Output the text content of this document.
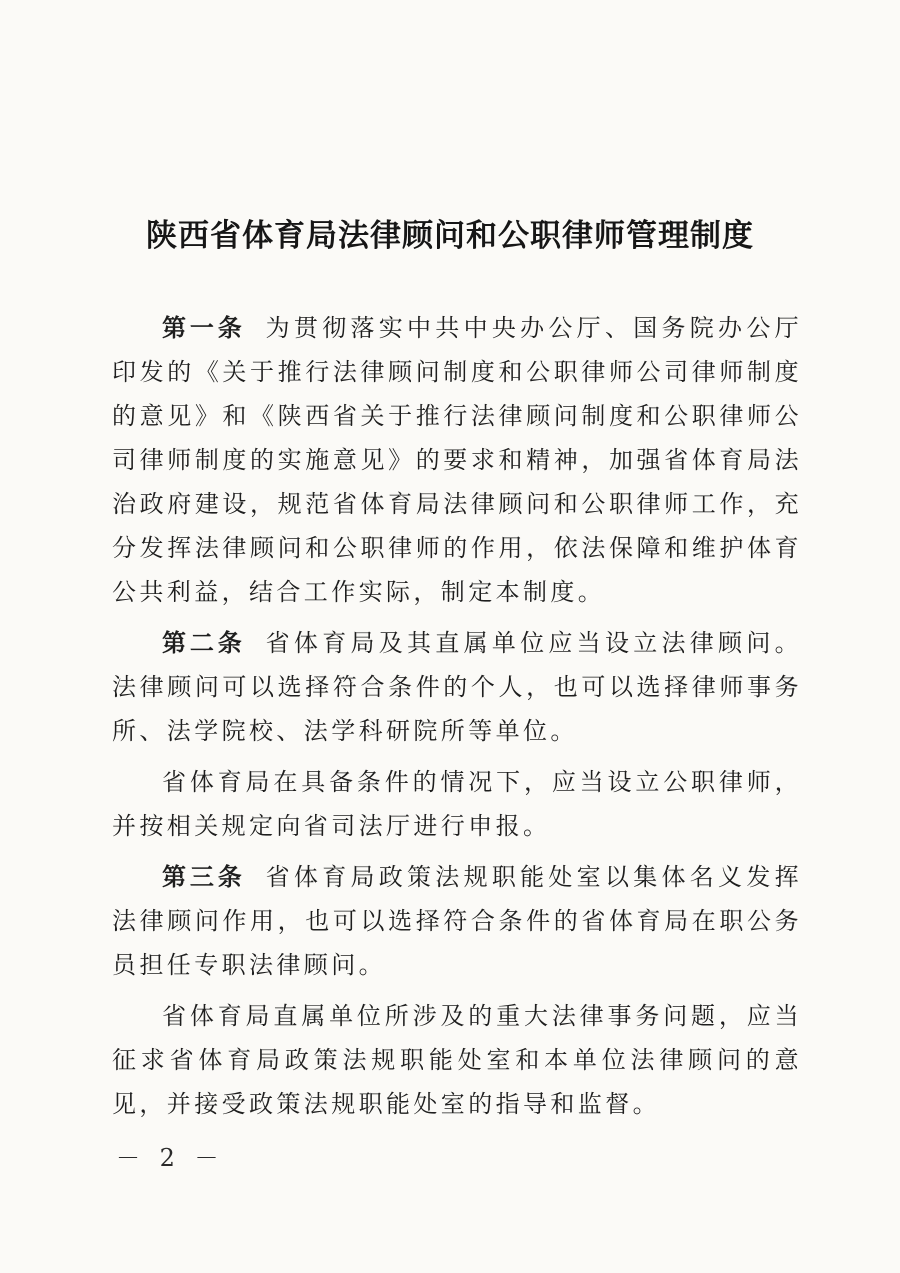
陕西省体育局法律顾问和公职律师管理制度

第一条 为贯彻落实中共中央办公厅、国务院办公厅印发的《关于推行法律顾问制度和公职律师公司律师制度的意见》和《陕西省关于推行法律顾问制度和公职律师公司律师制度的实施意见》的要求和精神，加强省体育局法治政府建设，规范省体育局法律顾问和公职律师工作，充分发挥法律顾问和公职律师的作用，依法保障和维护体育公共利益，结合工作实际，制定本制度。

第二条 省体育局及其直属单位应当设立法律顾问。法律顾问可以选择符合条件的个人，也可以选择律师事务所、法学院校、法学科研院所等单位。

省体育局在具备条件的情况下，应当设立公职律师，并按相关规定向省司法厅进行申报。

第三条 省体育局政策法规职能处室以集体名义发挥法律顾问作用，也可以选择符合条件的省体育局在职公务员担任专职法律顾问。

省体育局直属单位所涉及的重大法律事务问题，应当征求省体育局政策法规职能处室和本单位法律顾问的意见，并接受政策法规职能处室的指导和监督。

－ 2 －
